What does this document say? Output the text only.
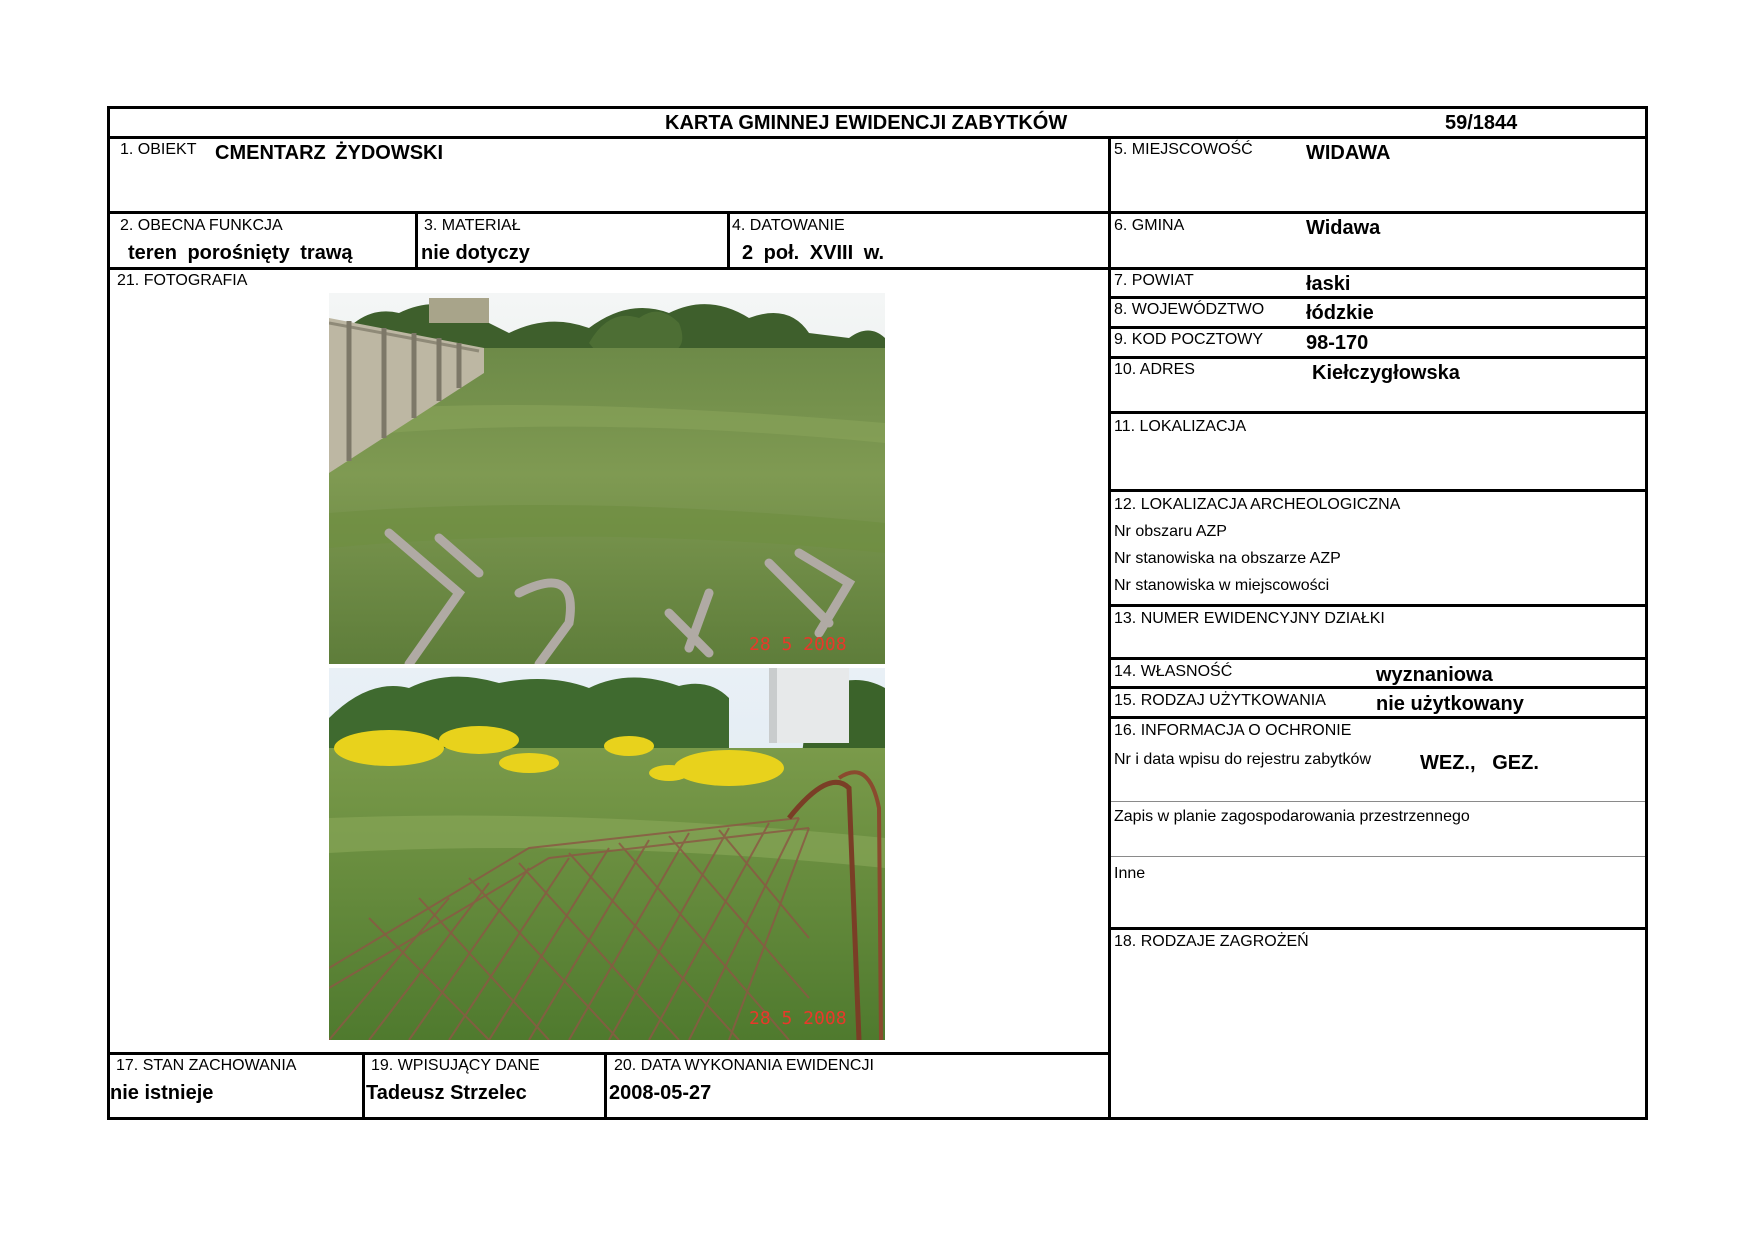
KARTA GMINNEJ EWIDENCJI ZABYTKÓW	59/1844
1. OBIEKT CMENTARZ ŻYDOWSKI
2. OBECNA FUNKCJA
teren porośnięty trawą
3. MATERIAŁ
nie dotyczy
4. DATOWANIE
2 poł. XVIII w.
21. FOTOGRAFIA
28 5 2008
28 5 2008
17. STAN ZACHOWANIA
nie istnieje
19. WPISUJĄCY DANE
Tadeusz Strzelec
20. DATA WYKONANIA EWIDENCJI
2008-05-27
5. MIEJSCOWOŚĆ	WIDAWA
6. GMINA	Widawa
7. POWIAT	łaski
8. WOJEWÓDZTWO łódzkie
9. KOD POCZTOWY 98-170
10. ADRES	Kiełczygłowska
11. LOKALIZACJA
12. LOKALIZACJA ARCHEOLOGICZNA
Nr obszaru AZP
Nr stanowiska na obszarze AZP
Nr stanowiska w miejscowości
13. NUMER EWIDENCYJNY DZIAŁKI
14. WŁASNOŚĆ	wyznaniowa
15. RODZAJ UŻYTKOWANIA	nie użytkowany
16. INFORMACJA O OCHRONIE
Nr i data wpisu do rejestru zabytków WEZ.,   GEZ.
Zapis w planie zagospodarowania przestrzennego
Inne
18. RODZAJE ZAGROŻEŃ
